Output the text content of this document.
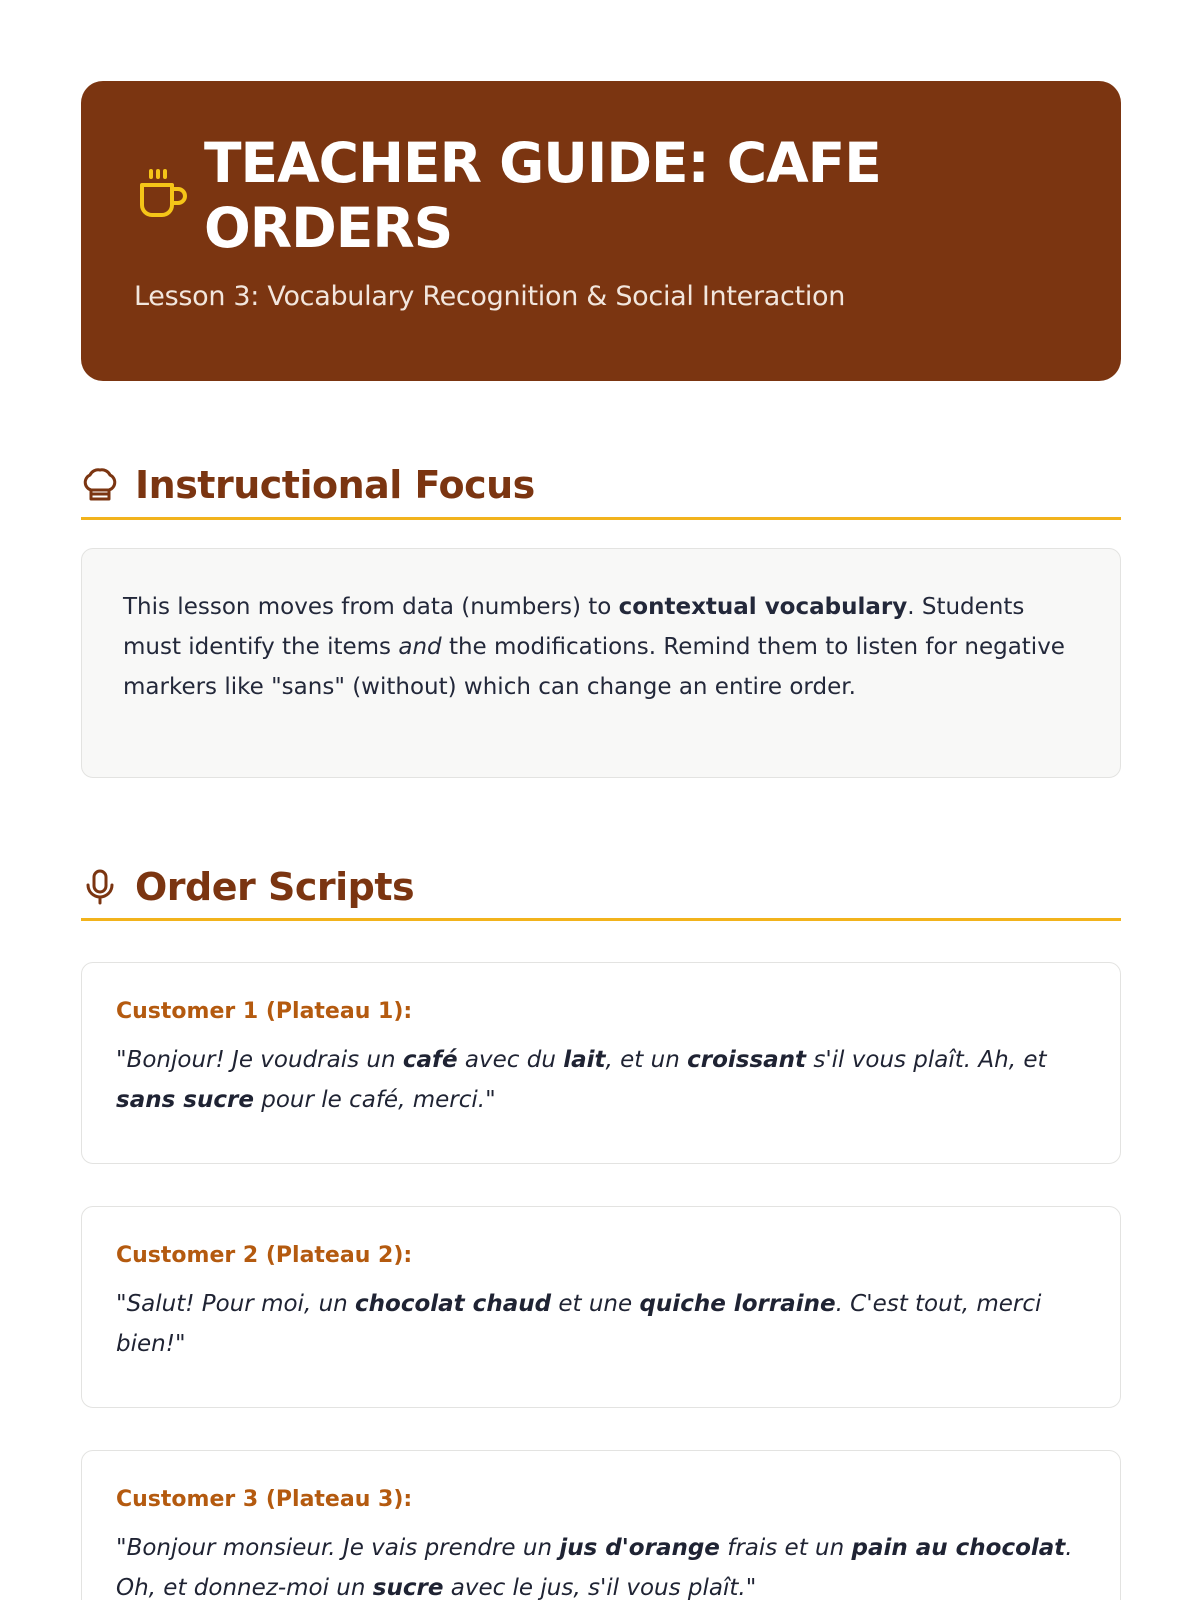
TEACHER GUIDE: CAFE ORDERS
Lesson 3: Vocabulary Recognition & Social Interaction
Instructional Focus
This lesson moves from data (numbers) to contextual vocabulary. Students must identify the items and the modifications. Remind them to listen for negative markers like "sans" (without) which can change an entire order.
Order Scripts
Customer 1 (Plateau 1):
"Bonjour! Je voudrais un café avec du lait, et un croissant s'il vous plaît. Ah, et sans sucre pour le café, merci."
Customer 2 (Plateau 2):
"Salut! Pour moi, un chocolat chaud et une quiche lorraine. C'est tout, merci bien!"
Customer 3 (Plateau 3):
"Bonjour monsieur. Je vais prendre un jus d'orange frais et un pain au chocolat. Oh, et donnez-moi un sucre avec le jus, s'il vous plaît."
